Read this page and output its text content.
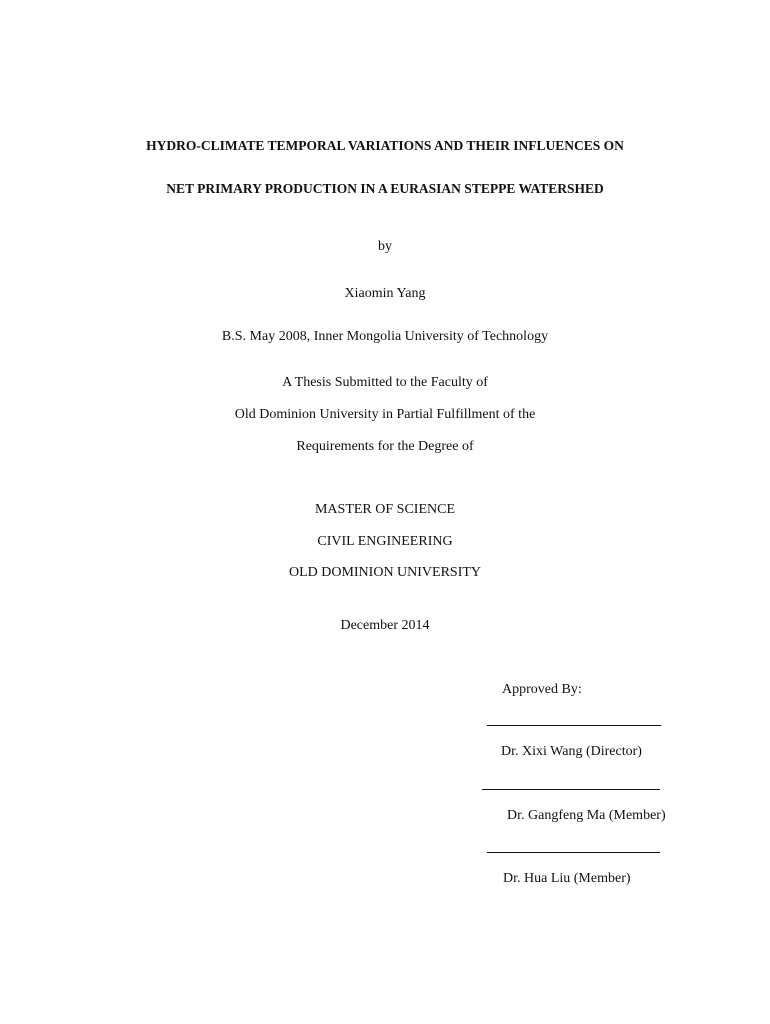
HYDRO-CLIMATE TEMPORAL VARIATIONS AND THEIR INFLUENCES ON
NET PRIMARY PRODUCTION IN A EURASIAN STEPPE WATERSHED
by
Xiaomin Yang
B.S. May 2008, Inner Mongolia University of Technology
A Thesis Submitted to the Faculty of
Old Dominion University in Partial Fulfillment of the
Requirements for the Degree of
MASTER OF SCIENCE
CIVIL ENGINEERING
OLD DOMINION UNIVERSITY
December 2014
Approved By:
Dr. Xixi Wang (Director)
Dr. Gangfeng Ma (Member)
Dr. Hua Liu (Member)
